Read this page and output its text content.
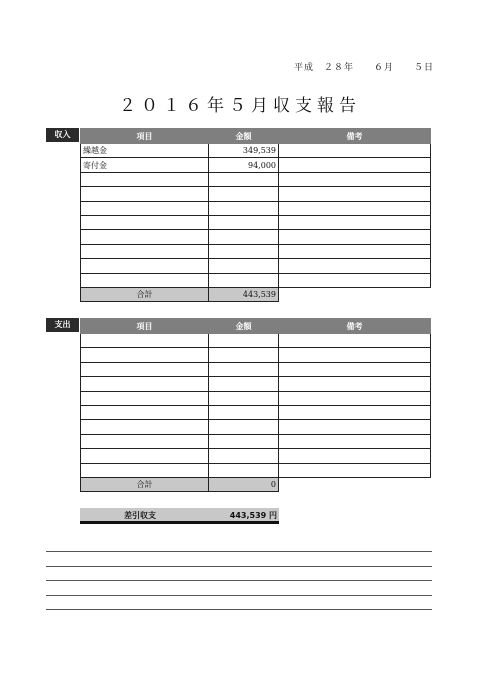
平成　２８年　　６月　　５日
２０１６年５月収支報告
収入	項目	金額	備考
繰越金	349,539	
寄付金	94,000	

合計	443,539	
支出	項目	金額	備考

合計	0	
差引収支	443,539 円
